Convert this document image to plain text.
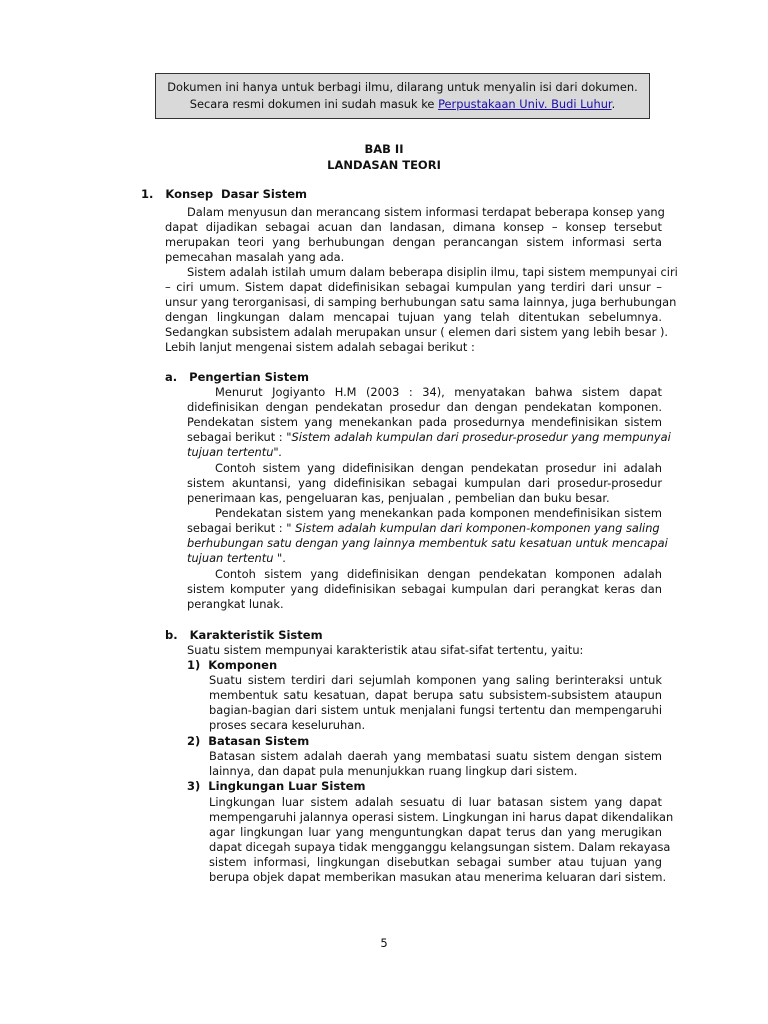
Dokumen ini hanya untuk berbagi ilmu, dilarang untuk menyalin isi dari dokumen.
Secara resmi dokumen ini sudah masuk ke Perpustakaan Univ. Budi Luhur.
BAB II
LANDASAN TEORI
1.   Konsep  Dasar Sistem
Dalam menyusun dan merancang sistem informasi terdapat beberapa konsep yang
dapat dijadikan sebagai acuan dan landasan, dimana konsep – konsep tersebut
merupakan teori yang berhubungan dengan perancangan sistem informasi serta
pemecahan masalah yang ada.
Sistem adalah istilah umum dalam beberapa disiplin ilmu, tapi sistem mempunyai ciri
– ciri umum. Sistem dapat didefinisikan sebagai kumpulan yang terdiri dari unsur –
unsur yang terorganisasi, di samping berhubungan satu sama lainnya, juga berhubungan
dengan lingkungan dalam mencapai tujuan yang telah ditentukan sebelumnya.
Sedangkan subsistem adalah merupakan unsur ( elemen dari sistem yang lebih besar ).
Lebih lanjut mengenai sistem adalah sebagai berikut :
a.   Pengertian Sistem
Menurut Jogiyanto H.M (2003 : 34), menyatakan bahwa sistem dapat
didefinisikan dengan pendekatan prosedur dan dengan pendekatan komponen.
Pendekatan sistem yang menekankan pada prosedurnya mendefinisikan sistem
sebagai berikut : "Sistem adalah kumpulan dari prosedur-prosedur yang mempunyai
tujuan tertentu".
Contoh sistem yang didefinisikan dengan pendekatan prosedur ini adalah
sistem akuntansi, yang didefinisikan sebagai kumpulan dari prosedur-prosedur
penerimaan kas, pengeluaran kas, penjualan , pembelian dan buku besar.
Pendekatan sistem yang menekankan pada komponen mendefinisikan sistem
sebagai berikut : " Sistem adalah kumpulan dari komponen-komponen yang saling
berhubungan satu dengan yang lainnya membentuk satu kesatuan untuk mencapai
tujuan tertentu ".
Contoh sistem yang didefinisikan dengan pendekatan komponen adalah
sistem komputer yang didefinisikan sebagai kumpulan dari perangkat keras dan
perangkat lunak.
b.   Karakteristik Sistem
Suatu sistem mempunyai karakteristik atau sifat-sifat tertentu, yaitu:
1)  Komponen
Suatu sistem terdiri dari sejumlah komponen yang saling berinteraksi untuk
membentuk satu kesatuan, dapat berupa satu subsistem-subsistem ataupun
bagian-bagian dari sistem untuk menjalani fungsi tertentu dan mempengaruhi
proses secara keseluruhan.
2)  Batasan Sistem
Batasan sistem adalah daerah yang membatasi suatu sistem dengan sistem
lainnya, dan dapat pula menunjukkan ruang lingkup dari sistem.
3)  Lingkungan Luar Sistem
Lingkungan luar sistem adalah sesuatu di luar batasan sistem yang dapat
mempengaruhi jalannya operasi sistem. Lingkungan ini harus dapat dikendalikan
agar lingkungan luar yang menguntungkan dapat terus dan yang merugikan
dapat dicegah supaya tidak mengganggu kelangsungan sistem. Dalam rekayasa
sistem informasi, lingkungan disebutkan sebagai sumber atau tujuan yang
berupa objek dapat memberikan masukan atau menerima keluaran dari sistem.
5
